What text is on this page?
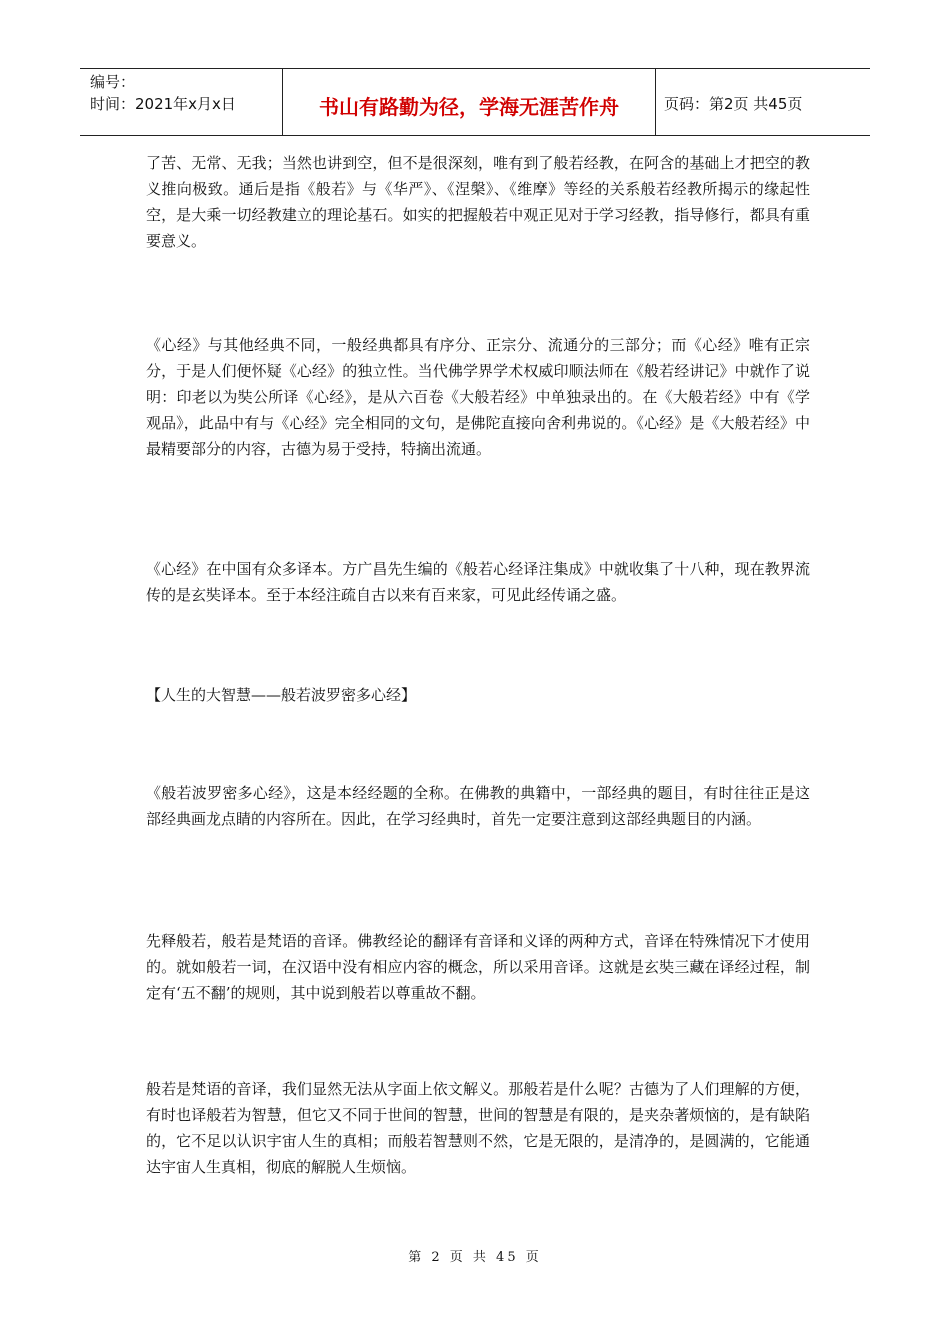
编号：
时间：2021年x月x日	书山有路勤为径，学海无涯苦作舟	页码：第2页 共45页

了苦、无常、无我；当然也讲到空，但不是很深刻，唯有到了般若经教，在阿含的基础上才把空的教义推向极致。通后是指《般若》与《华严》、《涅槃》、《维摩》等经的关系般若经教所揭示的缘起性空，是大乘一切经教建立的理论基石。如实的把握般若中观正见对于学习经教，指导修行，都具有重要意义。

《心经》与其他经典不同，一般经典都具有序分、正宗分、流通分的三部分；而《心经》唯有正宗分，于是人们便怀疑《心经》的独立性。当代佛学界学术权威印顺法师在《般若经讲记》中就作了说明：印老以为奘公所译《心经》，是从六百卷《大般若经》中单独录出的。在《大般若经》中有《学观品》，此品中有与《心经》完全相同的文句，是佛陀直接向舍利弗说的。《心经》是《大般若经》中最精要部分的内容，古德为易于受持，特摘出流通。

《心经》在中国有众多译本。方广昌先生编的《般若心经译注集成》中就收集了十八种，现在教界流传的是玄奘译本。至于本经注疏自古以来有百来家，可见此经传诵之盛。

【人生的大智慧——般若波罗密多心经】

《般若波罗密多心经》，这是本经经题的全称。在佛教的典籍中，一部经典的题目，有时往往正是这部经典画龙点睛的内容所在。因此，在学习经典时，首先一定要注意到这部经典题目的内涵。

先释般若，般若是梵语的音译。佛教经论的翻译有音译和义译的两种方式，音译在特殊情况下才使用的。就如般若一词，在汉语中没有相应内容的概念，所以采用音译。这就是玄奘三藏在译经过程，制定有‘五不翻’的规则，其中说到般若以尊重故不翻。

般若是梵语的音译，我们显然无法从字面上依文解义。那般若是什么呢？古德为了人们理解的方便，有时也译般若为智慧，但它又不同于世间的智慧，世间的智慧是有限的，是夹杂著烦恼的，是有缺陷的，它不足以认识宇宙人生的真相；而般若智慧则不然，它是无限的，是清净的，是圆满的，它能通达宇宙人生真相，彻底的解脱人生烦恼。

第 2 页 共 45 页
